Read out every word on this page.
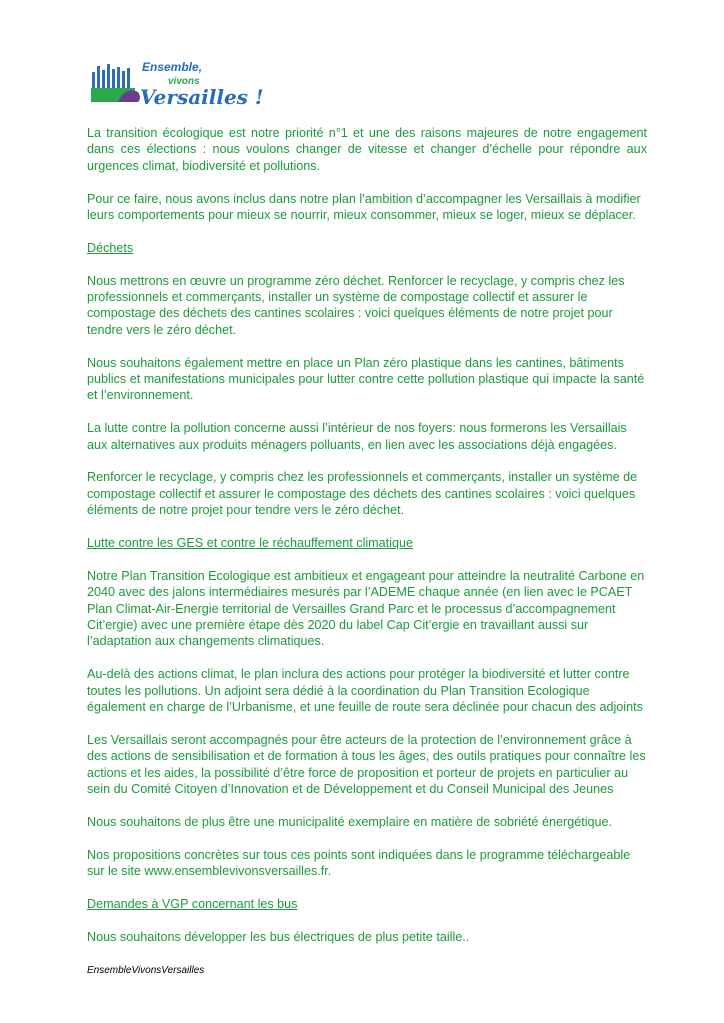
Ensemble,
vivons
Versailles !

La transition écologique est notre priorité n°1 et une des raisons majeures de notre engagement dans ces élections : nous voulons changer de vitesse et changer d’échelle pour répondre aux urgences climat, biodiversité et pollutions.

Pour ce faire, nous avons inclus dans notre plan l’ambition d’accompagner les Versaillais à modifier leurs comportements pour mieux se nourrir, mieux consommer, mieux se loger, mieux se déplacer.

Déchets

Nous mettrons en œuvre un programme zéro déchet. Renforcer le recyclage, y compris chez les professionnels et commerçants, installer un système de compostage collectif et assurer le compostage des déchets des cantines scolaires : voici quelques éléments de notre projet pour tendre vers le zéro déchet.

Nous souhaitons également mettre en place un Plan zéro plastique dans les cantines, bâtiments publics et manifestations municipales pour lutter contre cette pollution plastique qui impacte la santé et l’environnement.

La lutte contre la pollution concerne aussi l’intérieur de nos foyers: nous formerons les Versaillais aux alternatives aux produits ménagers polluants, en lien avec les associations déjà engagées.

Renforcer le recyclage, y compris chez les professionnels et commerçants, installer un système de compostage collectif et assurer le compostage des déchets des cantines scolaires : voici quelques éléments de notre projet pour tendre vers le zéro déchet.

Lutte contre les GES et contre le réchauffement climatique

Notre Plan Transition Ecologique est ambitieux et engageant pour atteindre la neutralité Carbone en 2040 avec des jalons intermédiaires mesurés par l’ADEME chaque année (en lien avec le PCAET Plan Climat-Air-Energie territorial de Versailles Grand Parc et le processus d’accompagnement Cit’ergie) avec une première étape dès 2020 du label Cap Cit’ergie en travaillant aussi sur l’adaptation aux changements climatiques.

Au-delà des actions climat, le plan inclura des actions pour protéger la biodiversité et lutter contre toutes les pollutions. Un adjoint sera dédié à la coordination du Plan Transition Ecologique également en charge de l’Urbanisme, et une feuille de route sera déclinée pour chacun des adjoints

Les Versaillais seront accompagnés pour être acteurs de la protection de l’environnement grâce à des actions de sensibilisation et de formation à tous les âges, des outils pratiques pour connaître les actions et les aides, la possibilité d’être force de proposition et porteur de projets en particulier au sein du Comité Citoyen d’Innovation et de Développement et du Conseil Municipal des Jeunes

Nous souhaitons de plus être une municipalité exemplaire en matière de sobriété énergétique.

Nos propositions concrètes sur tous ces points sont indiquées dans le programme téléchargeable sur le site www.ensemblevivonsversailles.fr.

Demandes à VGP concernant les bus

Nous souhaitons développer les bus électriques de plus petite taille..

EnsembleVivonsVersailles
